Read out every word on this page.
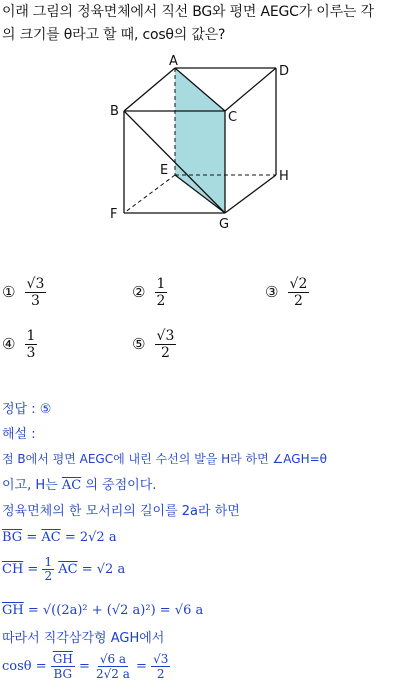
이래 그림의 정육면체에서 직선 BG와 평면 AEGC가 이루는 각
의 크기를 θ라고 할 때, cosθ의 값은?
A
D
B	C
E	H
F
G
① $\frac{√3}{3}$	② $\frac{1}{2}$	③ $\frac{√2}{2}$
④ $\frac{1}{3}$	⑤ $\frac{√3}{2}$
정답 : ⑤
해설 :
점 B에서 평면 AEGC에 내린 수선의 발을 H라 하면 ∠AGH=θ
이고, H는 $\overline{AC}$ 의 중점이다.
정육면체의 한 모서리의 길이를 2a라 하면
$\overline{BG} = \overline{AC} = 2√2$ a
$\overline{CH} = \frac{1}{2} \overline{AC} = √2$ a
$\overline{GH} = √((2a)^2 + (√2$ a)²) = √6 a
따라서 직각삼각형 AGH에서
$\cos\theta = \frac{\overline{GH}}{BG} = \frac{√6 a}{2√2 a} = \frac{√3}{2}$
